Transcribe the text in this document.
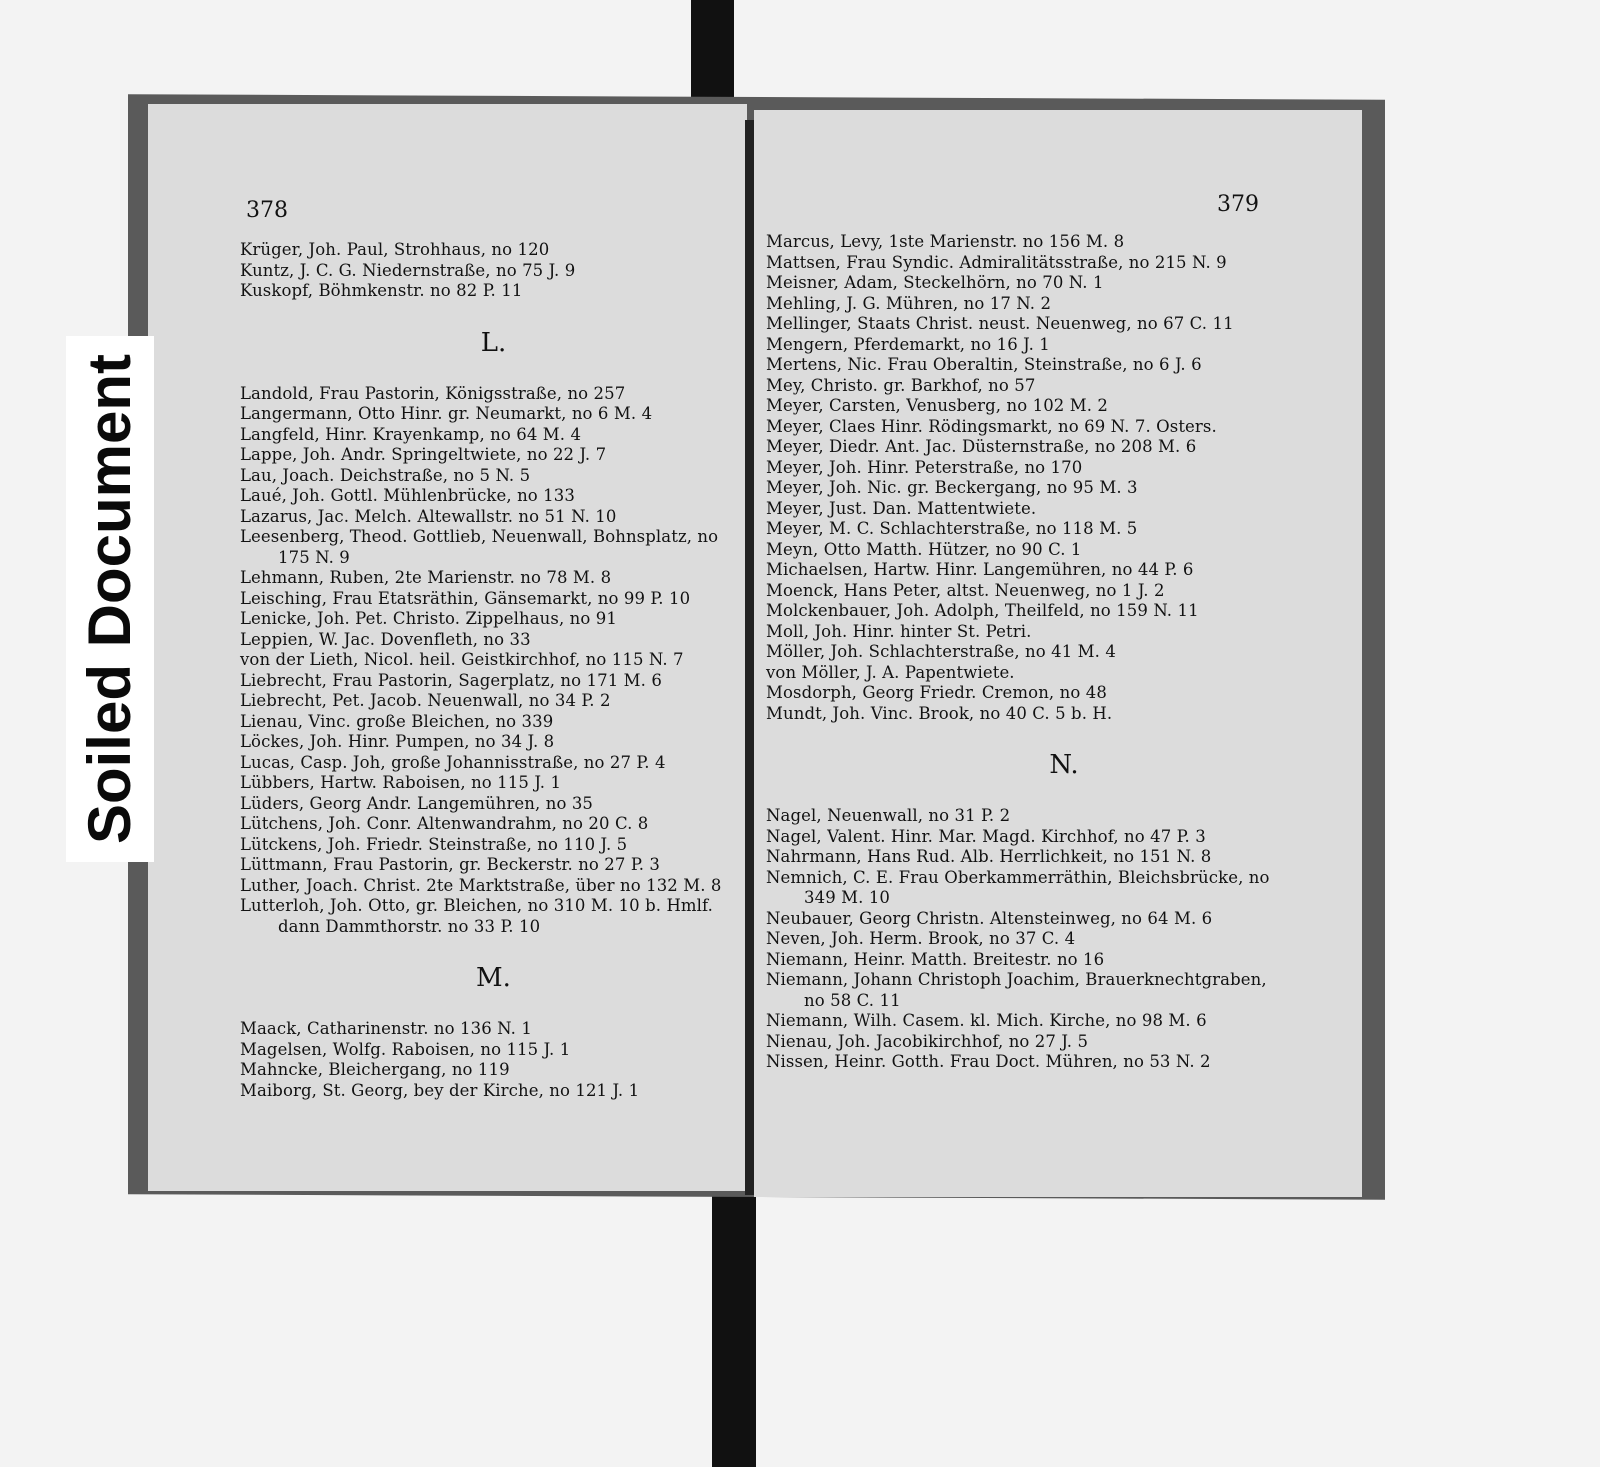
378
Krüger, Joh. Paul, Strohhaus, no 120
Kuntz, J. C. G. Niedernstraße, no 75 J. 9
Kuskopf, Böhmkenstr. no 82 P. 11
L.
Landold, Frau Pastorin, Königsstraße, no 257
Langermann, Otto Hinr. gr. Neumarkt, no 6 M. 4
Langfeld, Hinr. Krayenkamp, no 64 M. 4
Lappe, Joh. Andr. Springeltwiete, no 22 J. 7
Lau, Joach. Deichstraße, no 5 N. 5
Laué, Joh. Gottl. Mühlenbrücke, no 133
Lazarus, Jac. Melch. Altewallstr. no 51 N. 10
Leesenberg, Theod. Gottlieb, Neuenwall, Bohnsplatz, no
175 N. 9
Lehmann, Ruben, 2te Marienstr. no 78 M. 8
Leisching, Frau Etatsräthin, Gänsemarkt, no 99 P. 10
Lenicke, Joh. Pet. Christo. Zippelhaus, no 91
Leppien, W. Jac. Dovenfleth, no 33
von der Lieth, Nicol. heil. Geistkirchhof, no 115 N. 7
Liebrecht, Frau Pastorin, Sagerplatz, no 171 M. 6
Liebrecht, Pet. Jacob. Neuenwall, no 34 P. 2
Lienau, Vinc. große Bleichen, no 339
Löckes, Joh. Hinr. Pumpen, no 34 J. 8
Lucas, Casp. Joh, große Johannisstraße, no 27 P. 4
Lübbers, Hartw. Raboisen, no 115 J. 1
Lüders, Georg Andr. Langemühren, no 35
Lütchens, Joh. Conr. Altenwandrahm, no 20 C. 8
Lütckens, Joh. Friedr. Steinstraße, no 110 J. 5
Lüttmann, Frau Pastorin, gr. Beckerstr. no 27 P. 3
Luther, Joach. Christ. 2te Marktstraße, über no 132 M. 8
Lutterloh, Joh. Otto, gr. Bleichen, no 310 M. 10 b. Hmlf.
dann Dammthorstr. no 33 P. 10
M.
Maack, Catharinenstr. no 136 N. 1
Magelsen, Wolfg. Raboisen, no 115 J. 1
Mahncke, Bleichergang, no 119
Maiborg, St. Georg, bey der Kirche, no 121 J. 1
379
Marcus, Levy, 1ste Marienstr. no 156 M. 8
Mattsen, Frau Syndic. Admiralitätsstraße, no 215 N. 9
Meisner, Adam, Steckelhörn, no 70 N. 1
Mehling, J. G. Mühren, no 17 N. 2
Mellinger, Staats Christ. neust. Neuenweg, no 67 C. 11
Mengern, Pferdemarkt, no 16 J. 1
Mertens, Nic. Frau Oberaltin, Steinstraße, no 6 J. 6
Mey, Christo. gr. Barkhof, no 57
Meyer, Carsten, Venusberg, no 102 M. 2
Meyer, Claes Hinr. Rödingsmarkt, no 69 N. 7. Osters.
Meyer, Diedr. Ant. Jac. Düsternstraße, no 208 M. 6
Meyer, Joh. Hinr. Peterstraße, no 170
Meyer, Joh. Nic. gr. Beckergang, no 95 M. 3
Meyer, Just. Dan. Mattentwiete.
Meyer, M. C. Schlachterstraße, no 118 M. 5
Meyn, Otto Matth. Hützer, no 90 C. 1
Michaelsen, Hartw. Hinr. Langemühren, no 44 P. 6
Moenck, Hans Peter, altst. Neuenweg, no 1 J. 2
Molckenbauer, Joh. Adolph, Theilfeld, no 159 N. 11
Moll, Joh. Hinr. hinter St. Petri.
Möller, Joh. Schlachterstraße, no 41 M. 4
von Möller, J. A. Papentwiete.
Mosdorph, Georg Friedr. Cremon, no 48
Mundt, Joh. Vinc. Brook, no 40 C. 5 b. H.
N.
Nagel, Neuenwall, no 31 P. 2
Nagel, Valent. Hinr. Mar. Magd. Kirchhof, no 47 P. 3
Nahrmann, Hans Rud. Alb. Herrlichkeit, no 151 N. 8
Nemnich, C. E. Frau Oberkammerräthin, Bleichsbrücke, no
349 M. 10
Neubauer, Georg Christn. Altensteinweg, no 64 M. 6
Neven, Joh. Herm. Brook, no 37 C. 4
Niemann, Heinr. Matth. Breitestr. no 16
Niemann, Johann Christoph Joachim, Brauerknechtgraben,
no 58 C. 11
Niemann, Wilh. Casem. kl. Mich. Kirche, no 98 M. 6
Nienau, Joh. Jacobikirchhof, no 27 J. 5
Nissen, Heinr. Gotth. Frau Doct. Mühren, no 53 N. 2
Soiled Document
